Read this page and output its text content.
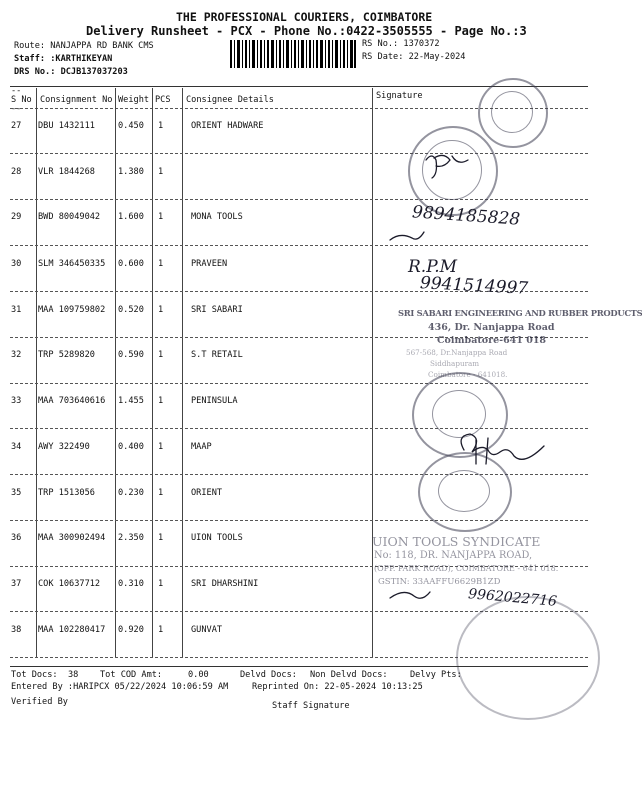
THE PROFESSIONAL COURIERS, COIMBATORE
Delivery Runsheet - PCX - Phone No.:0422-3505555 - Page No.:3
Route: NANJAPPA RD BANK CMS
Staff: :KARTHIKEYAN
DRS No.: DCJB137037203
RS No.: 1370372
RS Date: 22-May-2024
S No Consignment No Weight PCS Consignee Details	Signature
--
--
27 DBU 1432111	0.450 1	ORIENT HADWARE
28 VLR 1844268	1.380 1
29 BWD 80049042 1.600 1	MONA TOOLS
30 SLM 346450335 0.600 1	PRAVEEN
31 MAA 109759802 0.520 1	SRI SABARI
32 TRP 5289820	0.590 1	S.T RETAIL
33 MAA 703640616 1.455 1	PENINSULA
34 AWY 322490	0.400 1	MAAP
35 TRP 1513056	0.230 1	ORIENT
36 MAA 300902494 2.350 1	UION TOOLS
37 COK 10637712 0.310 1	SRI DHARSHINI
38 MAA 102280417 0.920 1	GUNVAT
SRI SABARI ENGINEERING AND RUBBER PRODUCTS
436, Dr. Nanjappa Road
Coimbatore-641 018
567-568, Dr.Nanjappa Road
Siddhapuram
Coimbatore - 641018.
UION TOOLS SYNDICATE
No: 118, DR. NANJAPPA ROAD,
(OPP. PARK ROAD), COIMBATORE - 641 018.
GSTIN: 33AAFFU6629B1ZD
9894185828
R.P.M
9941514997
9962022716
Tot Docs: 38	Tot COD Amt:	0.00	Delvd Docs: Non Delvd Docs:	Delvy Pts:
Entered By :HARIPCX 05/22/2024 10:06:59 AM	Reprinted On: 22-05-2024 10:13:25
Verified By	Staff Signature
